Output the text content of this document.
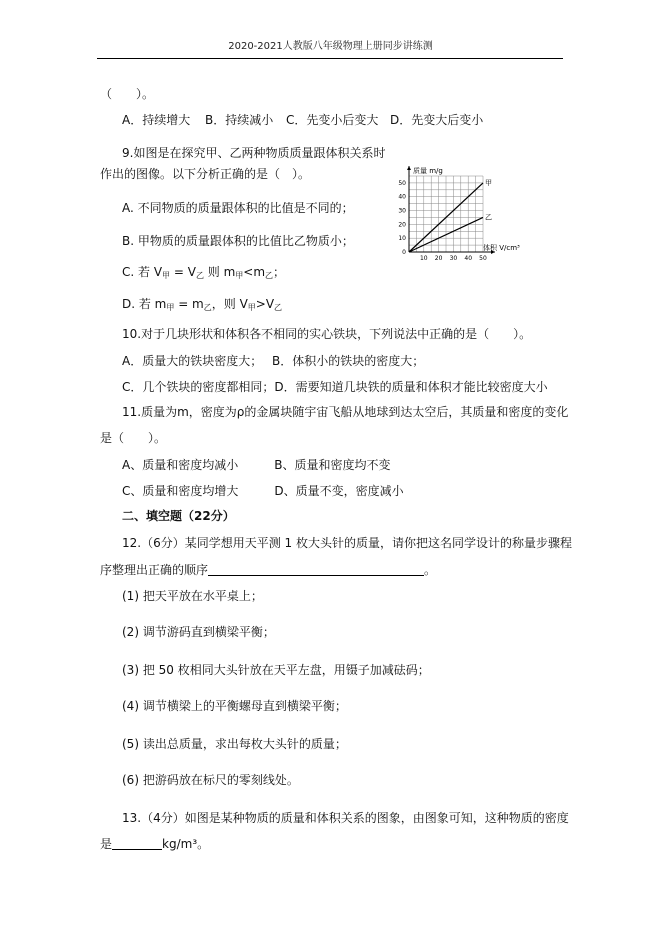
2020-2021人教版八年级物理上册同步讲练测
（　　）。
A．持续增大 B．持续减小 C．先变小后变大 D．先变大后变小
9.如图是在探究甲、乙两种物质质量跟体积关系时
作出的图像。以下分析正确的是（　）。
A. 不同物质的质量跟体积的比值是不同的；
B. 甲物质的质量跟体积的比值比乙物质小；
C. 若 $V_甲 = V_乙$ 则 $m_甲<m_乙$；
D. 若 $m_甲 = m_乙$，则 $V_甲>V_乙$
10 20 30 40 50
0
10
20
30
40
50	甲
乙
质量 m/g
体积 V/cm³
10.对于几块形状和体积各不相同的实心铁块，下列说法中正确的是（　　）。
A．质量大的铁块密度大；　 B．体积小的铁块的密度大；
C．几个铁块的密度都相同；D．需要知道几块铁的质量和体积才能比较密度大小
11.质量为m，密度为ρ的金属块随宇宙飞船从地球到达太空后，其质量和密度的变化
是（　　）。
A、质量和密度均减小　　　B、质量和密度均不变
C、质量和密度均增大　　　D、质量不变，密度减小
二、填空题（22分）
12.（6分）某同学想用天平测 1 枚大头针的质量，请你把这名同学设计的称量步骤程
序整理出正确的顺序	。
(1) 把天平放在水平桌上；
(2) 调节游码直到横梁平衡；
(3) 把 50 枚相同大头针放在天平左盘，用镊子加减砝码；
(4) 调节横梁上的平衡螺母直到横梁平衡；
(5) 读出总质量，求出每枚大头针的质量；
(6) 把游码放在标尺的零刻线处。
13.（4分）如图是某种物质的质量和体积关系的图象，由图象可知，这种物质的密度
是	kg/m³。
